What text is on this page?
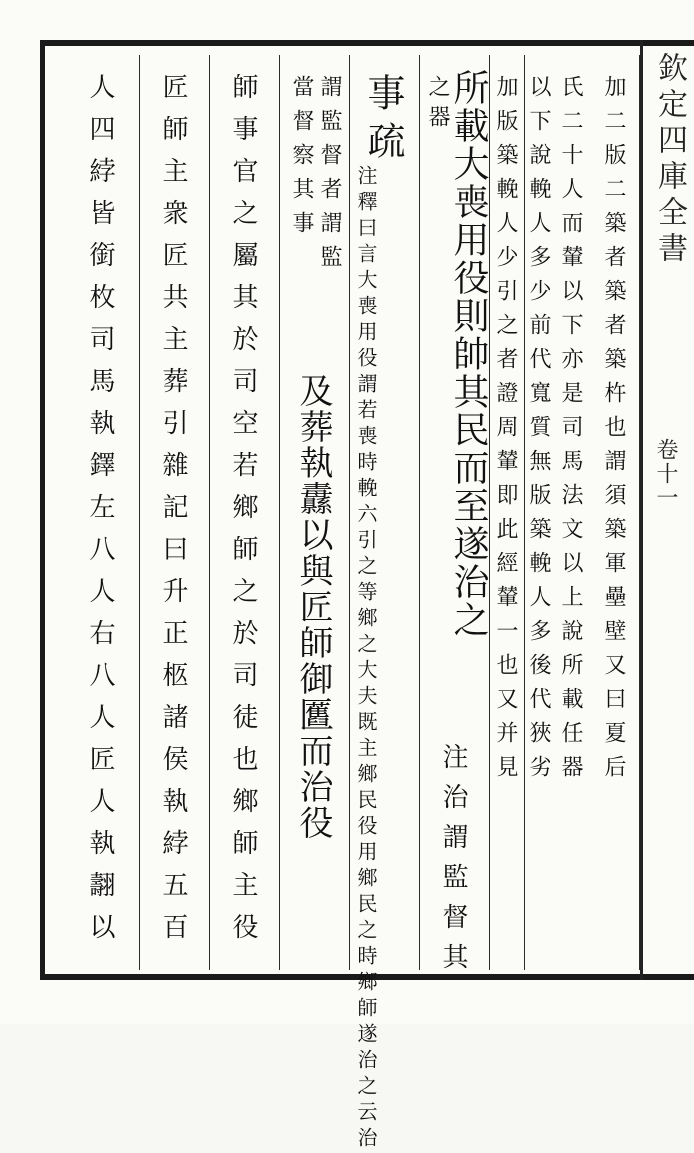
欽定四庫全書
卷十一
加二版二築者築者築杵也謂須築軍壘壁又曰夏后
氏二十人而輦以下亦是司馬法文以上說所載任器
以下說輓人多少前代寬質無版築輓人多後代狹劣
加版築輓人少引之者證周輦即此經輦一也又并見
之器
所載大喪用役則帥其民而至遂治之
注治謂監督其
事疏
注釋曰言大喪用役謂若喪時輓六引之等鄉之大夫既主鄉民役用鄉民之時鄉師遂治之云治
謂監督者謂監
當督察其事
及葬執纛以與匠師御匶而治役
師事官之屬其於司空若鄉師之於司徒也鄉師主役
匠師主衆匠共主葬引雜記曰升正柩諸侯執綍五百
人四綍皆銜枚司馬執鐸左八人右八人匠人執翿以
